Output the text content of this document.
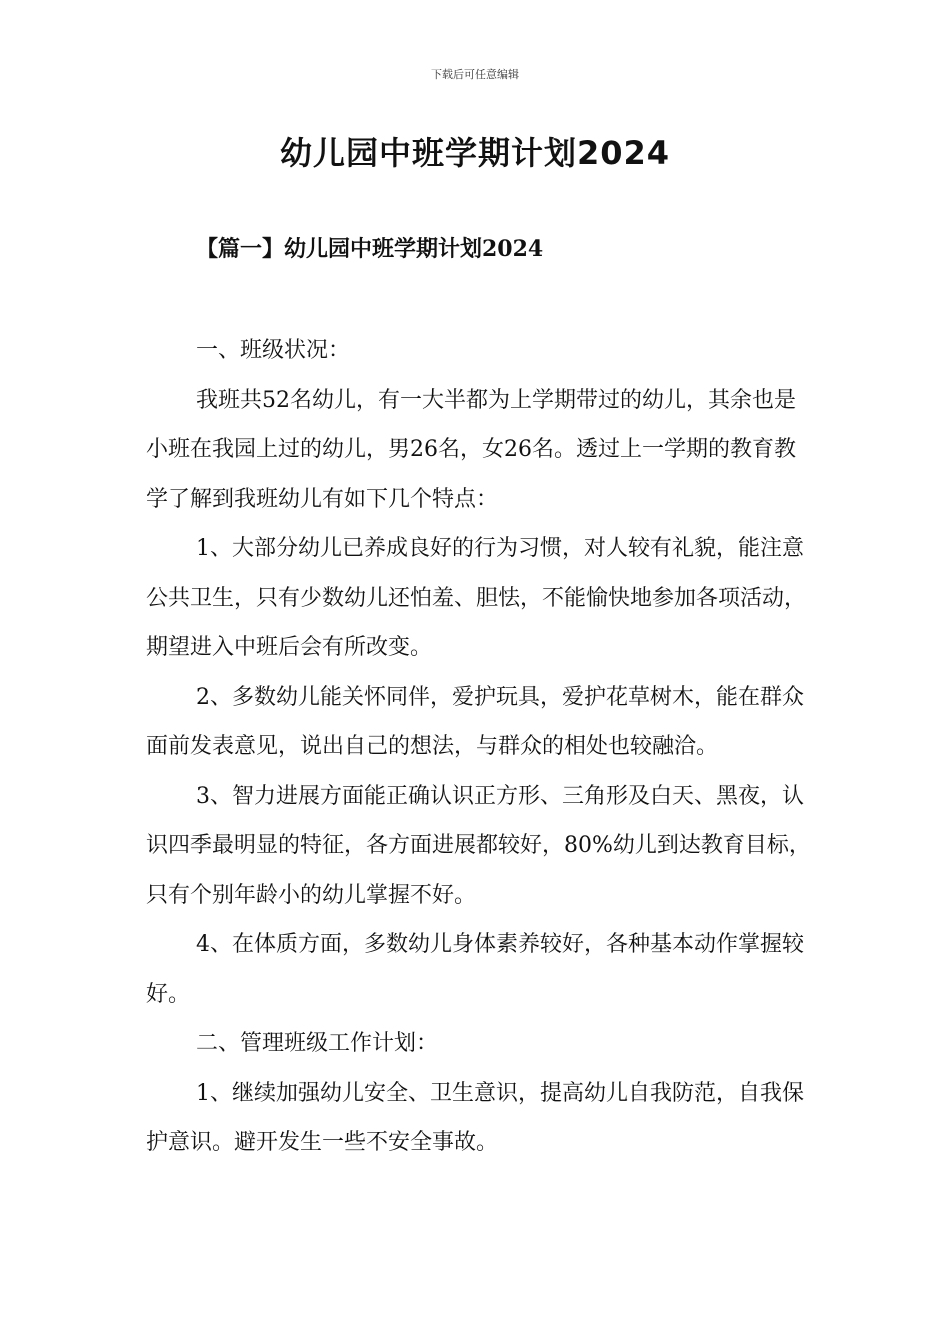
下载后可任意编辑
幼儿园中班学期计划2024
【篇一】幼儿园中班学期计划2024

一、班级状况：

我班共52名幼儿，有一大半都为上学期带过的幼儿，其余也是小班在我园上过的幼儿，男26名，女26名。透过上一学期的教育教学了解到我班幼儿有如下几个特点：

1、大部分幼儿已养成良好的行为习惯，对人较有礼貌，能注意公共卫生，只有少数幼儿还怕羞、胆怯，不能愉快地参加各项活动，期望进入中班后会有所改变。

2、多数幼儿能关怀同伴，爱护玩具，爱护花草树木，能在群众面前发表意见，说出自己的想法，与群众的相处也较融洽。

3、智力进展方面能正确认识正方形、三角形及白天、黑夜，认识四季最明显的特征，各方面进展都较好，80%幼儿到达教育目标，只有个别年龄小的幼儿掌握不好。

4、在体质方面，多数幼儿身体素养较好，各种基本动作掌握较好。

二、管理班级工作计划：

1、继续加强幼儿安全、卫生意识，提高幼儿自我防范，自我保护意识。避开发生一些不安全事故。
